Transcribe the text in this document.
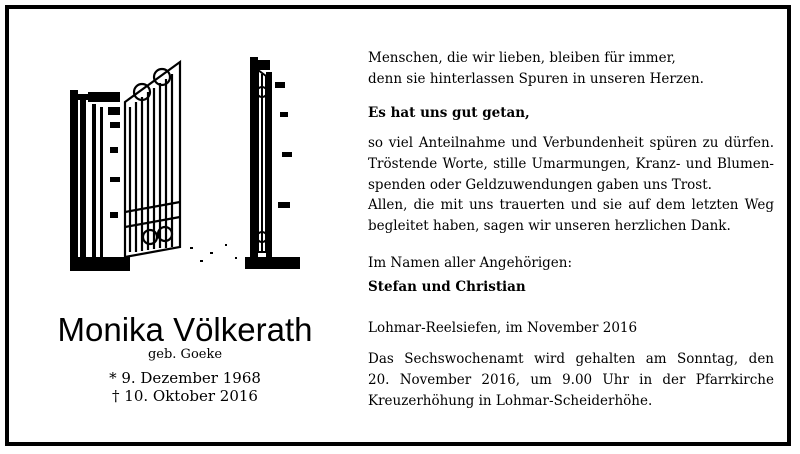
Monika Völkerath
geb. Goeke
* 9. Dezember 1968
† 10. Oktober 2016
Menschen, die wir lieben, bleiben für immer,
denn sie hinterlassen Spuren in unseren Herzen.
Es hat uns gut getan,
so viel Anteilnahme und Verbundenheit spüren zu dürfen.
Tröstende Worte, stille Umarmungen, Kranz- und Blumen-
spenden oder Geldzuwendungen gaben uns Trost.
Allen, die mit uns trauerten und sie auf dem letzten Weg
begleitet haben, sagen wir unseren herzlichen Dank.
Im Namen aller Angehörigen:
Stefan und Christian
Lohmar-Reelsiefen, im November 2016
Das Sechswochenamt wird gehalten am Sonntag, den
20. November 2016, um 9.00 Uhr in der Pfarrkirche
Kreuzerhöhung in Lohmar-Scheiderhöhe.
